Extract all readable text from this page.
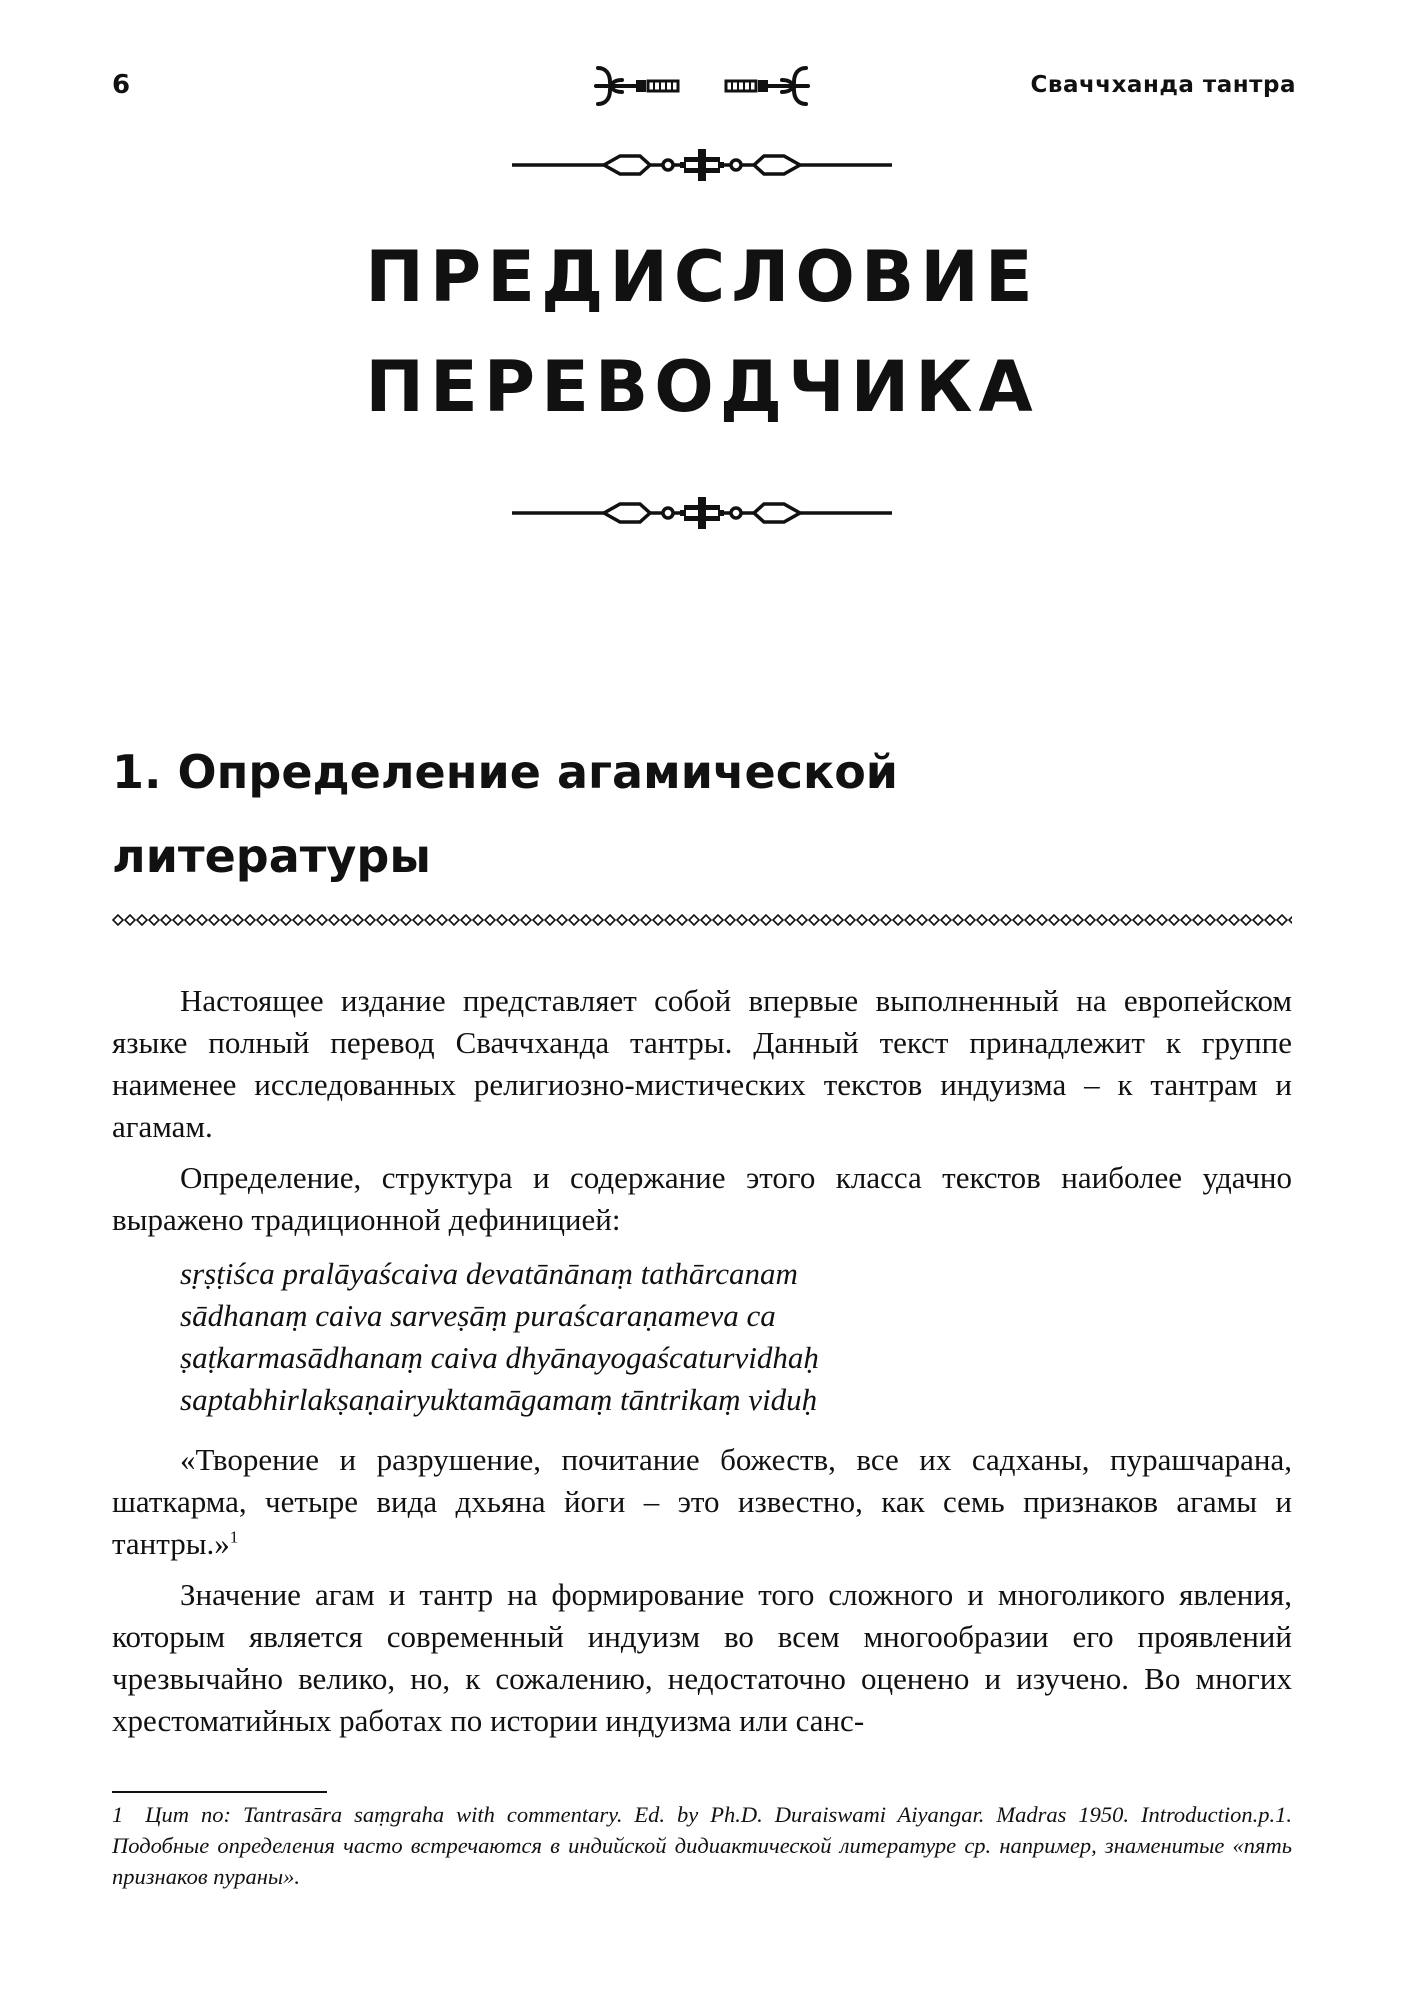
6	Сваччханда тантра
ПРЕДИСЛОВИЕ
ПЕРЕВОДЧИКА
1. Определение агамической
литературы

Настоящее издание представляет собой впервые выполненный на европейском языке полный перевод Сваччханда тантры. Данный текст принадлежит к группе наименее исследованных религиозно-мистических текстов индуизма – к тантрам и агамам.

Определение, структура и содержание этого класса текстов наиболее удачно выражено традиционной дефиницией:

sṛṣṭiśca pralāyaścaiva devatānānaṃ tathārcanam
sādhanaṃ caiva sarveṣāṃ puraścaraṇameva ca
ṣaṭkarmasādhanaṃ caiva dhyānayogaścaturvidhaḥ
saptabhirlakṣaṇairyuktamāgamaṃ tāntrikaṃ viduḥ

«Творение и разрушение, почитание божеств, все их садханы, пурашчарана, шаткарма, четыре вида дхьяна йоги – это известно, как семь признаков агамы и тантры.»$^1$

Значение агам и тантр на формирование того сложного и многоликого явления, которым является современный индуизм во всем многообразии его проявлений чрезвычайно велико, но, к сожалению, недостаточно оценено и изучено. Во многих хрестоматийных работах по истории индуизма или санс-

1 Цит по: Tantrasāra saṃgraha with commentary. Ed. by Ph.D. Duraiswami Aiyangar. Madras 1950. Introduction.p.1. Подобные определения часто встречаются в индийской дидиактической литературе ср. например, знаменитые «пять признаков пураны».
